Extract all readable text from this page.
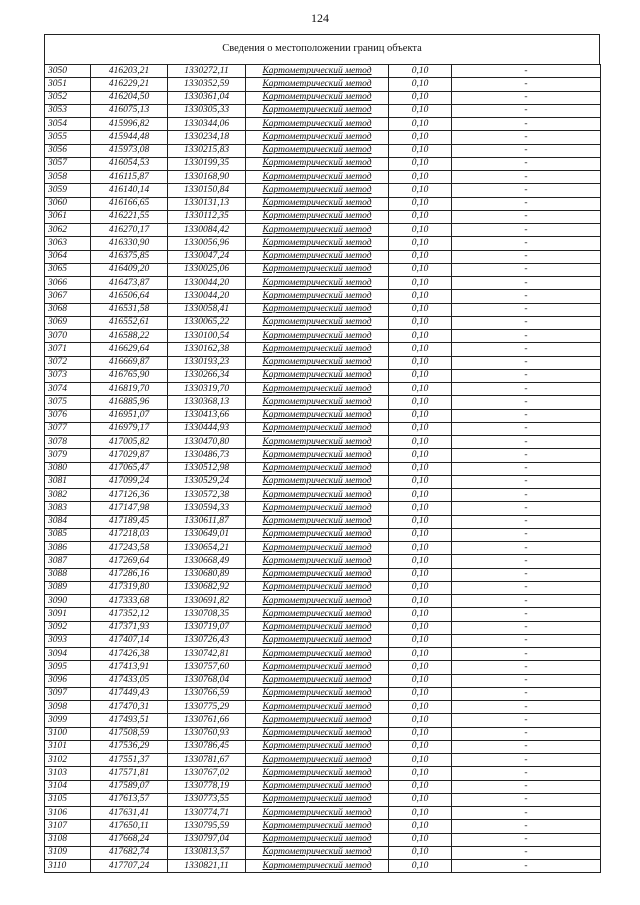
124
Сведения о местоположении границ объекта
3050	416203,21	1330272,11	Картометрический метод	0,10	-
3051	416229,21	1330352,59	Картометрический метод	0,10	-
3052	416204,50	1330361,04	Картометрический метод	0,10	-
3053	416075,13	1330305,33	Картометрический метод	0,10	-
3054	415996,82	1330344,06	Картометрический метод	0,10	-
3055	415944,48	1330234,18	Картометрический метод	0,10	-
3056	415973,08	1330215,83	Картометрический метод	0,10	-
3057	416054,53	1330199,35	Картометрический метод	0,10	-
3058	416115,87	1330168,90	Картометрический метод	0,10	-
3059	416140,14	1330150,84	Картометрический метод	0,10	-
3060	416166,65	1330131,13	Картометрический метод	0,10	-
3061	416221,55	1330112,35	Картометрический метод	0,10	-
3062	416270,17	1330084,42	Картометрический метод	0,10	-
3063	416330,90	1330056,96	Картометрический метод	0,10	-
3064	416375,85	1330047,24	Картометрический метод	0,10	-
3065	416409,20	1330025,06	Картометрический метод	0,10	-
3066	416473,87	1330044,20	Картометрический метод	0,10	-
3067	416506,64	1330044,20	Картометрический метод	0,10	-
3068	416531,58	1330058,41	Картометрический метод	0,10	-
3069	416552,61	1330065,22	Картометрический метод	0,10	-
3070	416588,22	1330100,54	Картометрический метод	0,10	-
3071	416629,64	1330162,38	Картометрический метод	0,10	-
3072	416669,87	1330193,23	Картометрический метод	0,10	-
3073	416765,90	1330266,34	Картометрический метод	0,10	-
3074	416819,70	1330319,70	Картометрический метод	0,10	-
3075	416885,96	1330368,13	Картометрический метод	0,10	-
3076	416951,07	1330413,66	Картометрический метод	0,10	-
3077	416979,17	1330444,93	Картометрический метод	0,10	-
3078	417005,82	1330470,80	Картометрический метод	0,10	-
3079	417029,87	1330486,73	Картометрический метод	0,10	-
3080	417065,47	1330512,98	Картометрический метод	0,10	-
3081	417099,24	1330529,24	Картометрический метод	0,10	-
3082	417126,36	1330572,38	Картометрический метод	0,10	-
3083	417147,98	1330594,33	Картометрический метод	0,10	-
3084	417189,45	1330611,87	Картометрический метод	0,10	-
3085	417218,03	1330649,01	Картометрический метод	0,10	-
3086	417243,58	1330654,21	Картометрический метод	0,10	-
3087	417269,64	1330668,49	Картометрический метод	0,10	-
3088	417286,16	1330680,89	Картометрический метод	0,10	-
3089	417319,80	1330682,92	Картометрический метод	0,10	-
3090	417333,68	1330691,82	Картометрический метод	0,10	-
3091	417352,12	1330708,35	Картометрический метод	0,10	-
3092	417371,93	1330719,07	Картометрический метод	0,10	-
3093	417407,14	1330726,43	Картометрический метод	0,10	-
3094	417426,38	1330742,81	Картометрический метод	0,10	-
3095	417413,91	1330757,60	Картометрический метод	0,10	-
3096	417433,05	1330768,04	Картометрический метод	0,10	-
3097	417449,43	1330766,59	Картометрический метод	0,10	-
3098	417470,31	1330775,29	Картометрический метод	0,10	-
3099	417493,51	1330761,66	Картометрический метод	0,10	-
3100	417508,59	1330760,93	Картометрический метод	0,10	-
3101	417536,29	1330786,45	Картометрический метод	0,10	-
3102	417551,37	1330781,67	Картометрический метод	0,10	-
3103	417571,81	1330767,02	Картометрический метод	0,10	-
3104	417589,07	1330778,19	Картометрический метод	0,10	-
3105	417613,57	1330773,55	Картометрический метод	0,10	-
3106	417631,41	1330774,71	Картометрический метод	0,10	-
3107	417650,11	1330795,59	Картометрический метод	0,10	-
3108	417668,24	1330797,04	Картометрический метод	0,10	-
3109	417682,74	1330813,57	Картометрический метод	0,10	-
3110	417707,24	1330821,11	Картометрический метод	0,10	-
